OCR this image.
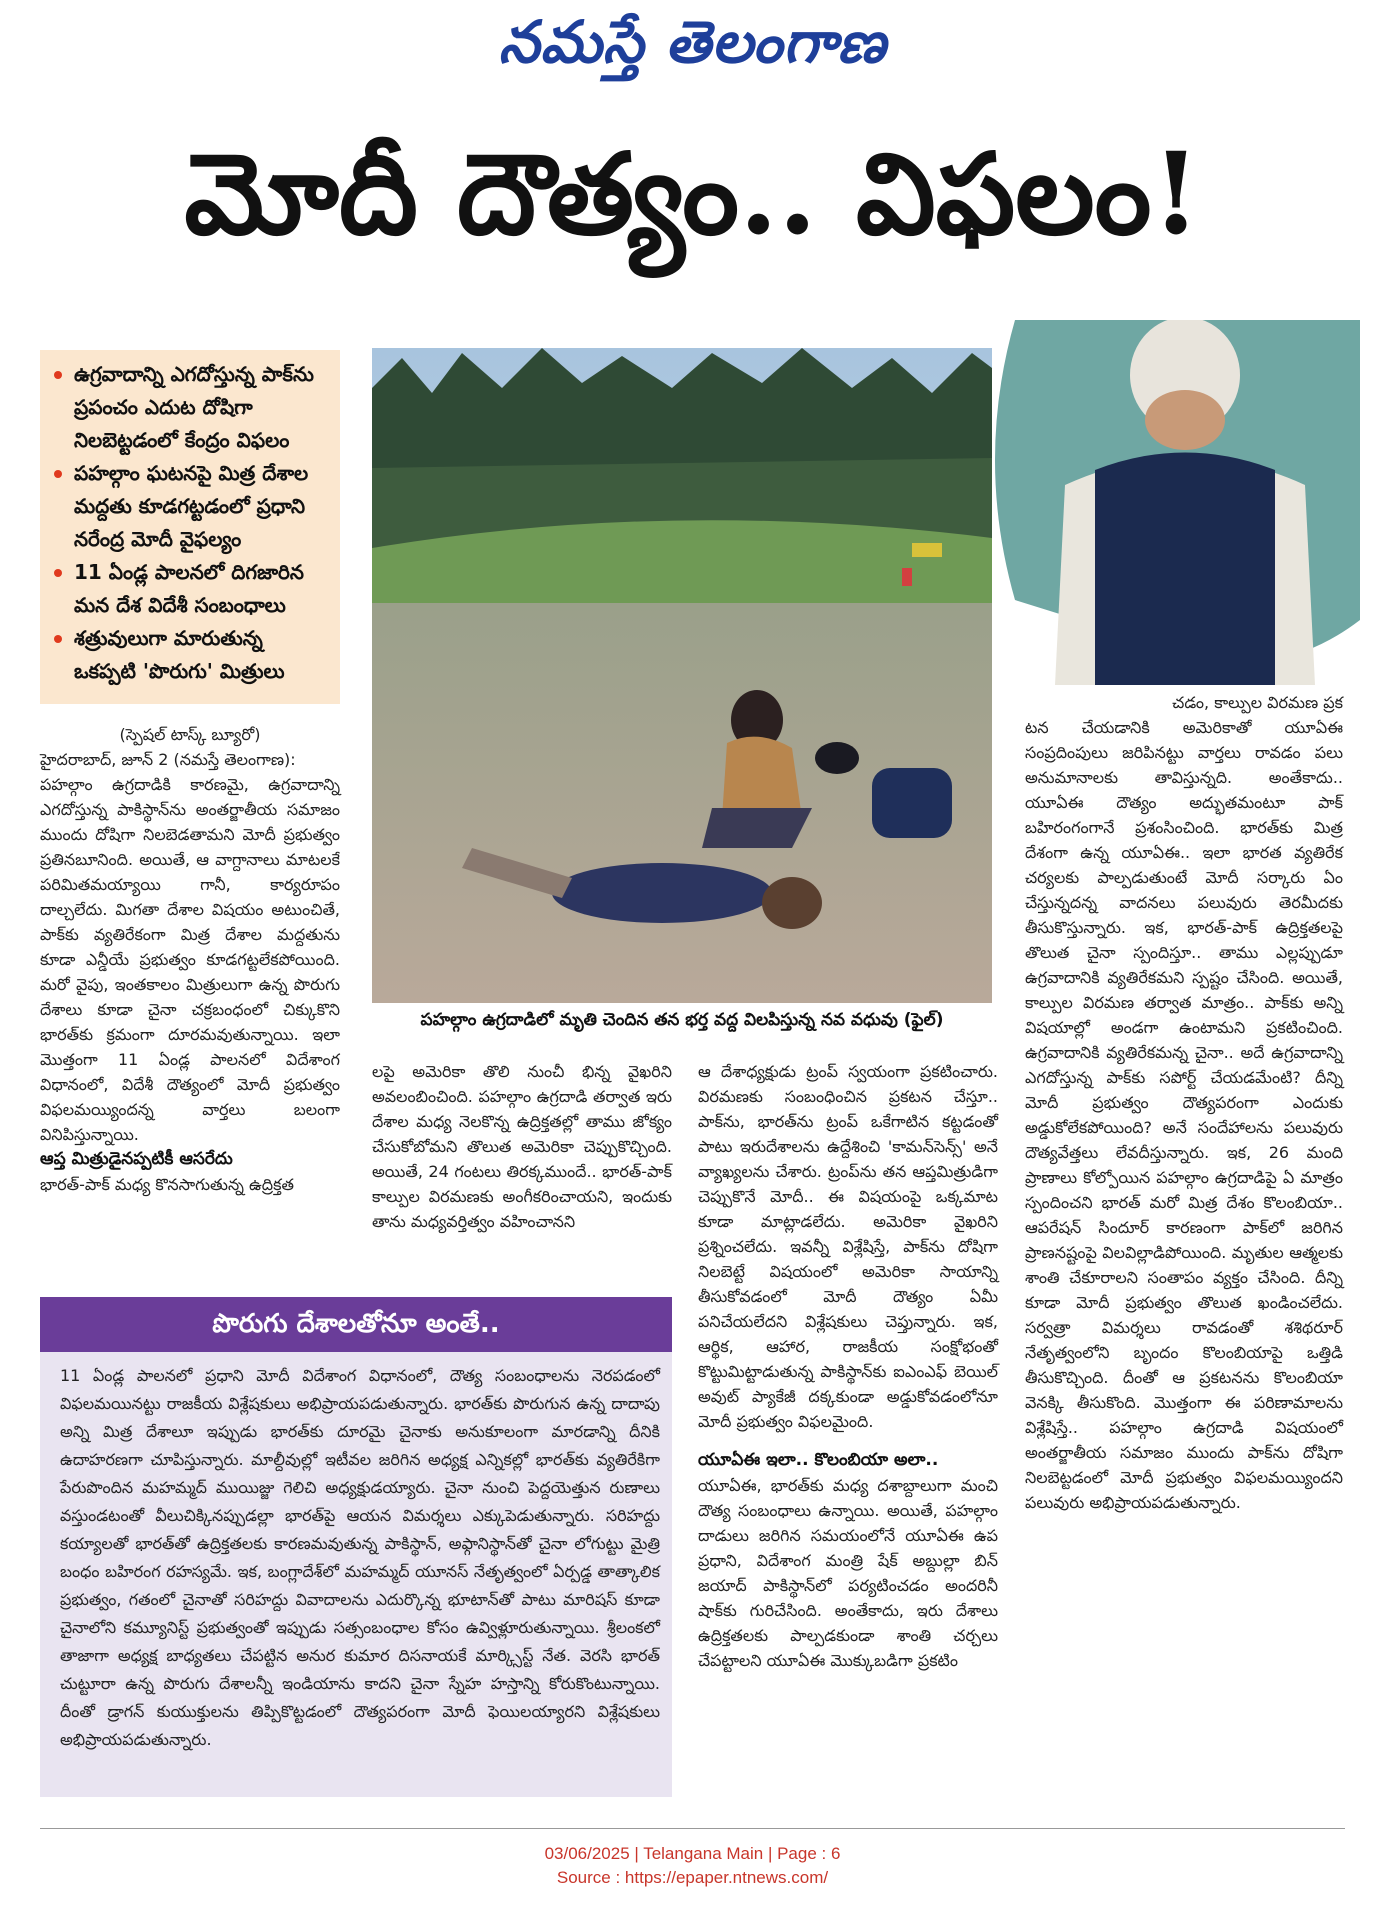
నమస్తే తెలంగాణ
మోదీ దౌత్యం.. విఫలం!
ఉగ్రవాదాన్ని ఎగదోస్తున్న పాక్‌ను ప్రపంచం ఎదుట దోషిగా నిలబెట్టడంలో కేంద్రం విఫలం
పహల్గాం ఘటనపై మిత్ర దేశాల మద్దతు కూడగట్టడంలో ప్రధాని నరేంద్ర మోదీ వైఫల్యం
11 ఏండ్ల పాలనలో దిగజారిన మన దేశ విదేశీ సంబంధాలు
శత్రువులుగా మారుతున్న ఒకప్పటి 'పొరుగు' మిత్రులు
పహల్గాం ఉగ్రదాడిలో మృతి చెందిన తన భర్త వద్ద విలపిస్తున్న నవ వధువు (ఫైల్)

(స్పెషల్ టాస్క్ బ్యూరో)

హైదరాబాద్, జూన్ 2 (నమస్తే తెలంగాణ):

పహల్గాం ఉగ్రదాడికి కారణమై, ఉగ్రవాదాన్ని ఎగదోస్తున్న పాకిస్థాన్‌ను అంతర్జాతీయ సమాజం ముందు దోషిగా నిలబెడతామని మోదీ ప్రభుత్వం ప్రతినబూనింది. అయితే, ఆ వాగ్దానాలు మాటలకే పరిమితమయ్యాయి గానీ, కార్యరూపం దాల్చలేదు. మిగతా దేశాల విషయం అటుంచితే, పాక్‌కు వ్యతిరేకంగా మిత్ర దేశాల మద్దతును కూడా ఎన్డీయే ప్రభుత్వం కూడగట్టలేకపోయింది. మరో వైపు, ఇంతకాలం మిత్రులుగా ఉన్న పొరుగు దేశాలు కూడా చైనా చక్రబంధంలో చిక్కుకొని భారత్‌కు క్రమంగా దూరమవుతున్నాయి. ఇలా మొత్తంగా 11 ఏండ్ల పాలనలో విదేశాంగ విధానంలో, విదేశీ దౌత్యంలో మోదీ ప్రభుత్వం విఫలమయ్యిందన్న వార్తలు బలంగా వినిపిస్తున్నాయి.

ఆప్త మిత్రుడైనప్పటికీ ఆసరేదు

భారత్-పాక్ మధ్య కొనసాగుతున్న ఉద్రిక్తత

లపై అమెరికా తొలి నుంచీ భిన్న వైఖరిని అవలంబించింది. పహల్గాం ఉగ్రదాడి తర్వాత ఇరు దేశాల మధ్య నెలకొన్న ఉద్రిక్తతల్లో తాము జోక్యం చేసుకోబోమని తొలుత అమెరికా చెప్పుకొచ్చింది. అయితే, 24 గంటలు తిరక్కముందే.. భారత్-పాక్ కాల్పుల విరమణకు అంగీకరించాయని, ఇందుకు తాను మధ్యవర్తిత్వం వహించానని

ఆ దేశాధ్యక్షుడు ట్రంప్ స్వయంగా ప్రకటించారు. విరమణకు సంబంధించిన ప్రకటన చేస్తూ.. పాక్‌ను, భారత్‌ను ట్రంప్ ఒకేగాటిన కట్టడంతో పాటు ఇరుదేశాలను ఉద్దేశించి 'కామన్‌సెన్స్' అనే వ్యాఖ్యలను చేశారు. ట్రంప్‌ను తన ఆప్తమిత్రుడిగా చెప్పుకొనే మోదీ.. ఈ విషయంపై ఒక్కమాట కూడా మాట్లాడలేదు. అమెరికా వైఖరిని ప్రశ్నించలేదు. ఇవన్నీ విశ్లేషిస్తే, పాక్‌ను దోషిగా నిలబెట్టే విషయంలో అమెరికా సాయాన్ని తీసుకోవడంలో మోదీ దౌత్యం ఏమీ పనిచేయలేదని విశ్లేషకులు చెప్తున్నారు. ఇక, ఆర్థిక, ఆహార, రాజకీయ సంక్షోభంతో కొట్టుమిట్టాడుతున్న పాకిస్థాన్‌కు ఐఎంఎఫ్ బెయిల్ అవుట్ ప్యాకేజీ దక్కకుండా అడ్డుకోవడంలోనూ మోదీ ప్రభుత్వం విఫలమైంది.

యూఏఈ ఇలా.. కొలంబియా అలా..

యూఏఈ, భారత్‌కు మధ్య దశాబ్దాలుగా మంచి దౌత్య సంబంధాలు ఉన్నాయి. అయితే, పహల్గాం దాడులు జరిగిన సమయంలోనే యూఏఈ ఉప ప్రధాని, విదేశాంగ మంత్రి షేక్ అబ్దుల్లా బిన్ జయాద్ పాకిస్థాన్‌లో పర్యటించడం అందరినీ షాక్‌కు గురిచేసింది. అంతేకాదు, ఇరు దేశాలు ఉద్రిక్తతలకు పాల్పడకుండా శాంతి చర్చలు చేపట్టాలని యూఏఈ మొక్కుబడిగా ప్రకటిం

చడం, కాల్పుల విరమణ ప్రక

టన చేయడానికి అమెరికాతో యూఏఈ సంప్రదింపులు జరిపినట్టు వార్తలు రావడం పలు అనుమానాలకు తావిస్తున్నది. అంతేకాదు.. యూఏఈ దౌత్యం అద్భుతమంటూ పాక్ బహిరంగంగానే ప్రశంసించింది. భారత్‌కు మిత్ర దేశంగా ఉన్న యూఏఈ.. ఇలా భారత వ్యతిరేక చర్యలకు పాల్పడుతుంటే మోదీ సర్కారు ఏం చేస్తున్నదన్న వాదనలు పలువురు తెరమీదకు తీసుకొస్తున్నారు. ఇక, భారత్-పాక్ ఉద్రిక్తతలపై తొలుత చైనా స్పందిస్తూ.. తాము ఎల్లప్పుడూ ఉగ్రవాదానికి వ్యతిరేకమని స్పష్టం చేసింది. అయితే, కాల్పుల విరమణ తర్వాత మాత్రం.. పాక్‌కు అన్ని విషయాల్లో అండగా ఉంటామని ప్రకటించింది. ఉగ్రవాదానికి వ్యతిరేకమన్న చైనా.. అదే ఉగ్రవాదాన్ని ఎగదోస్తున్న పాక్‌కు సపోర్ట్ చేయడమేంటి? దీన్ని మోదీ ప్రభుత్వం దౌత్యపరంగా ఎందుకు అడ్డుకోలేకపోయింది? అనే సందేహాలను పలువురు దౌత్యవేత్తలు లేవదీస్తున్నారు. ఇక, 26 మంది ప్రాణాలు కోల్పోయిన పహల్గాం ఉగ్రదాడిపై ఏ మాత్రం స్పందించని భారత్ మరో మిత్ర దేశం కొలంబియా.. ఆపరేషన్ సిందూర్ కారణంగా పాక్‌లో జరిగిన ప్రాణనష్టంపై విలవిల్లాడిపోయింది. మృతుల ఆత్మలకు శాంతి చేకూరాలని సంతాపం వ్యక్తం చేసింది. దీన్ని కూడా మోదీ ప్రభుత్వం తొలుత ఖండించలేదు. సర్వత్రా విమర్శలు రావడంతో శశిథరూర్ నేతృత్వంలోని బృందం కొలంబియాపై ఒత్తిడి తీసుకొచ్చింది. దీంతో ఆ ప్రకటనను కొలంబియా వెనక్కి తీసుకొంది. మొత్తంగా ఈ పరిణామాలను విశ్లేషిస్తే.. పహల్గాం ఉగ్రదాడి విషయంలో అంతర్జాతీయ సమాజం ముందు పాక్‌ను దోషిగా నిలబెట్టడంలో మోదీ ప్రభుత్వం విఫలమయ్యిందని పలువురు అభిప్రాయపడుతున్నారు.

పొరుగు దేశాలతోనూ అంతే..
11 ఏండ్ల పాలనలో ప్రధాని మోదీ విదేశాంగ విధానంలో, దౌత్య సంబంధాలను నెరపడంలో విఫలమయినట్టు రాజకీయ విశ్లేషకులు అభిప్రాయపడుతున్నారు. భారత్‌కు పొరుగున ఉన్న దాదాపు అన్ని మిత్ర దేశాలూ ఇప్పుడు భారత్‌కు దూరమై చైనాకు అనుకూలంగా మారడాన్ని దీనికి ఉదాహరణగా చూపిస్తున్నారు. మాల్దీవుల్లో ఇటీవల జరిగిన అధ్యక్ష ఎన్నికల్లో భారత్‌కు వ్యతిరేకిగా పేరుపొందిన మహమ్మద్ ముయిజ్జు గెలిచి అధ్యక్షుడయ్యారు. చైనా నుంచి పెద్దయెత్తున రుణాలు వస్తుండటంతో వీలుచిక్కినప్పుడల్లా భారత్‌పై ఆయన విమర్శలు ఎక్కుపెడుతున్నారు. సరిహద్దు కయ్యాలతో భారత్‌తో ఉద్రిక్తతలకు కారణమవుతున్న పాకిస్థాన్, అఫ్గానిస్థాన్‌తో చైనా లోగుట్టు మైత్రి బంధం బహిరంగ రహస్యమే. ఇక, బంగ్లాదేశ్‌లో మహమ్మద్ యూనస్ నేతృత్వంలో ఏర్పడ్డ తాత్కాలిక ప్రభుత్వం, గతంలో చైనాతో సరిహద్దు వివాదాలను ఎదుర్కొన్న భూటాన్‌తో పాటు మారిషస్ కూడా చైనాలోని కమ్యూనిస్ట్ ప్రభుత్వంతో ఇప్పుడు సత్సంబంధాల కోసం ఉవ్విళ్లూరుతున్నాయి. శ్రీలంకలో తాజాగా అధ్యక్ష బాధ్యతలు చేపట్టిన అనుర కుమార దిసనాయకే మార్క్సిస్ట్ నేత. వెరసి భారత్ చుట్టూరా ఉన్న పొరుగు దేశాలన్నీ ఇండియాను కాదని చైనా స్నేహ హస్తాన్ని కోరుకొంటున్నాయి. దీంతో డ్రాగన్ కుయుక్తులను తిప్పికొట్టడంలో దౌత్యపరంగా మోదీ ఫెయిలయ్యారని విశ్లేషకులు అభిప్రాయపడుతున్నారు.
03/06/2025 | Telangana Main | Page : 6
Source : https://epaper.ntnews.com/
